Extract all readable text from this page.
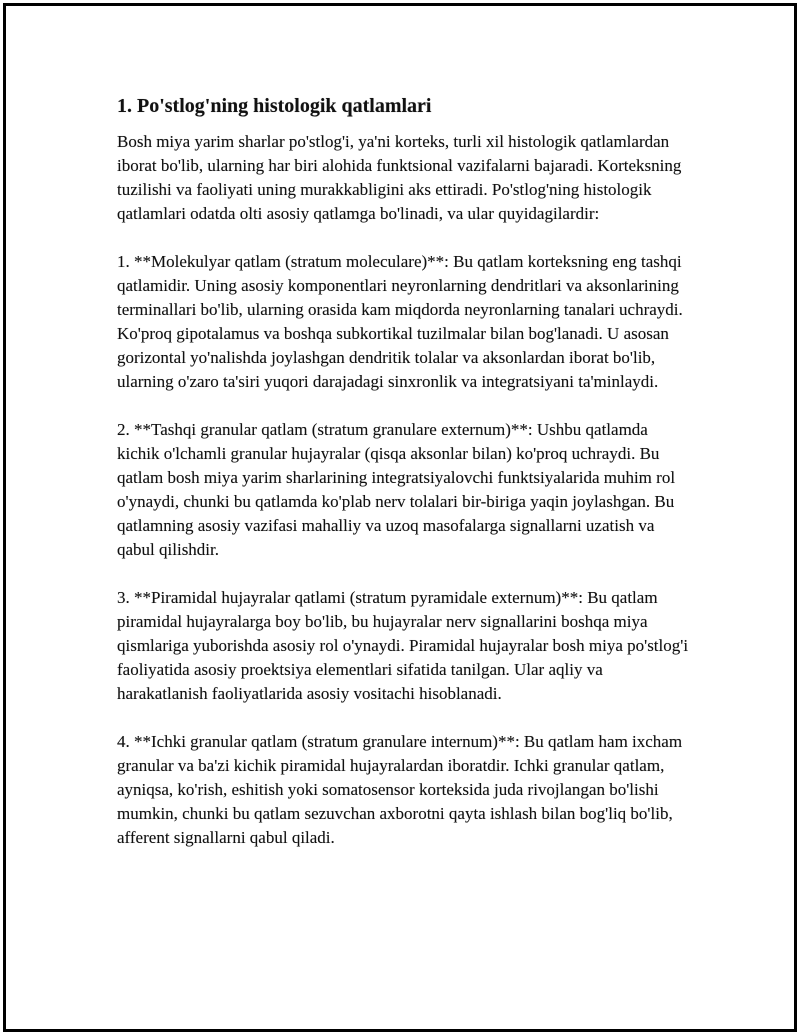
1. Po'stlog'ning histologik qatlamlari

Bosh miya yarim sharlar po'stlog'i, ya'ni korteks, turli xil histologik qatlamlardan iborat bo'lib, ularning har biri alohida funktsional vazifalarni bajaradi. Korteksning tuzilishi va faoliyati uning murakkabligini aks ettiradi. Po'stlog'ning histologik qatlamlari odatda olti asosiy qatlamga bo'linadi, va ular quyidagilardir:

1. **Molekulyar qatlam (stratum moleculare)**: Bu qatlam korteksning eng tashqi qatlamidir. Uning asosiy komponentlari neyronlarning dendritlari va aksonlarining terminallari bo'lib, ularning orasida kam miqdorda neyronlarning tanalari uchraydi. Ko'proq gipotalamus va boshqa subkortikal tuzilmalar bilan bog'lanadi. U asosan gorizontal yo'nalishda joylashgan dendritik tolalar va aksonlardan iborat bo'lib, ularning o'zaro ta'siri yuqori darajadagi sinxronlik va integratsiyani ta'minlaydi.

2. **Tashqi granular qatlam (stratum granulare externum)**: Ushbu qatlamda kichik o'lchamli granular hujayralar (qisqa aksonlar bilan) ko'proq uchraydi. Bu qatlam bosh miya yarim sharlarining integratsiyalovchi funktsiyalarida muhim rol o'ynaydi, chunki bu qatlamda ko'plab nerv tolalari bir-biriga yaqin joylashgan. Bu qatlamning asosiy vazifasi mahalliy va uzoq masofalarga signallarni uzatish va qabul qilishdir.

3. **Piramidal hujayralar qatlami (stratum pyramidale externum)**: Bu qatlam piramidal hujayralarga boy bo'lib, bu hujayralar nerv signallarini boshqa miya qismlariga yuborishda asosiy rol o'ynaydi. Piramidal hujayralar bosh miya po'stlog'i faoliyatida asosiy proektsiya elementlari sifatida tanilgan. Ular aqliy va harakatlanish faoliyatlarida asosiy vositachi hisoblanadi.

4. **Ichki granular qatlam (stratum granulare internum)**: Bu qatlam ham ixcham granular va ba'zi kichik piramidal hujayralardan iboratdir. Ichki granular qatlam, ayniqsa, ko'rish, eshitish yoki somatosensor korteksida juda rivojlangan bo'lishi mumkin, chunki bu qatlam sezuvchan axborotni qayta ishlash bilan bog'liq bo'lib, afferent signallarni qabul qiladi.
